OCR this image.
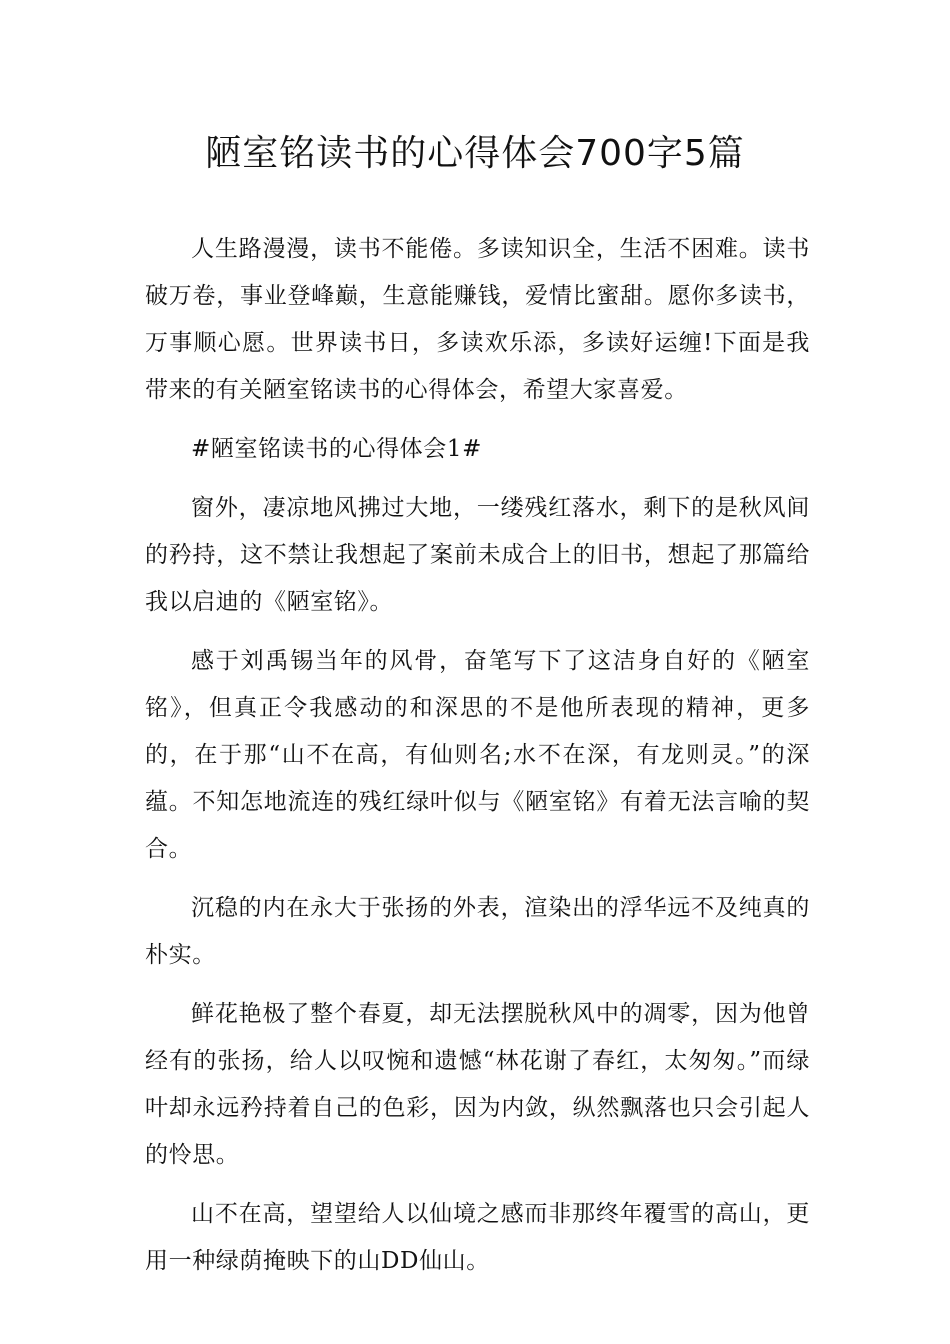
陋室铭读书的心得体会700字5篇

人生路漫漫，读书不能倦。多读知识全，生活不困难。读书破万卷，事业登峰巅，生意能赚钱，爱情比蜜甜。愿你多读书，万事顺心愿。世界读书日，多读欢乐添，多读好运缠!下面是我带来的有关陋室铭读书的心得体会，希望大家喜爱。

#陋室铭读书的心得体会1#

窗外，凄凉地风拂过大地，一缕残红落水，剩下的是秋风间的矜持，这不禁让我想起了案前未成合上的旧书，想起了那篇给我以启迪的《陋室铭》。

感于刘禹锡当年的风骨，奋笔写下了这洁身自好的《陋室铭》，但真正令我感动的和深思的不是他所表现的精神，更多的，在于那“山不在高，有仙则名;水不在深，有龙则灵。”的深蕴。不知怎地流连的残红绿叶似与《陋室铭》有着无法言喻的契合。

沉稳的内在永大于张扬的外表，渲染出的浮华远不及纯真的朴实。

鲜花艳极了整个春夏，却无法摆脱秋风中的凋零，因为他曾经有的张扬，给人以叹惋和遗憾“林花谢了春红，太匆匆。”而绿叶却永远矜持着自己的色彩，因为内敛，纵然飘落也只会引起人的怜思。

山不在高，望望给人以仙境之感而非那终年覆雪的高山，更用一种绿荫掩映下的山DD仙山。
